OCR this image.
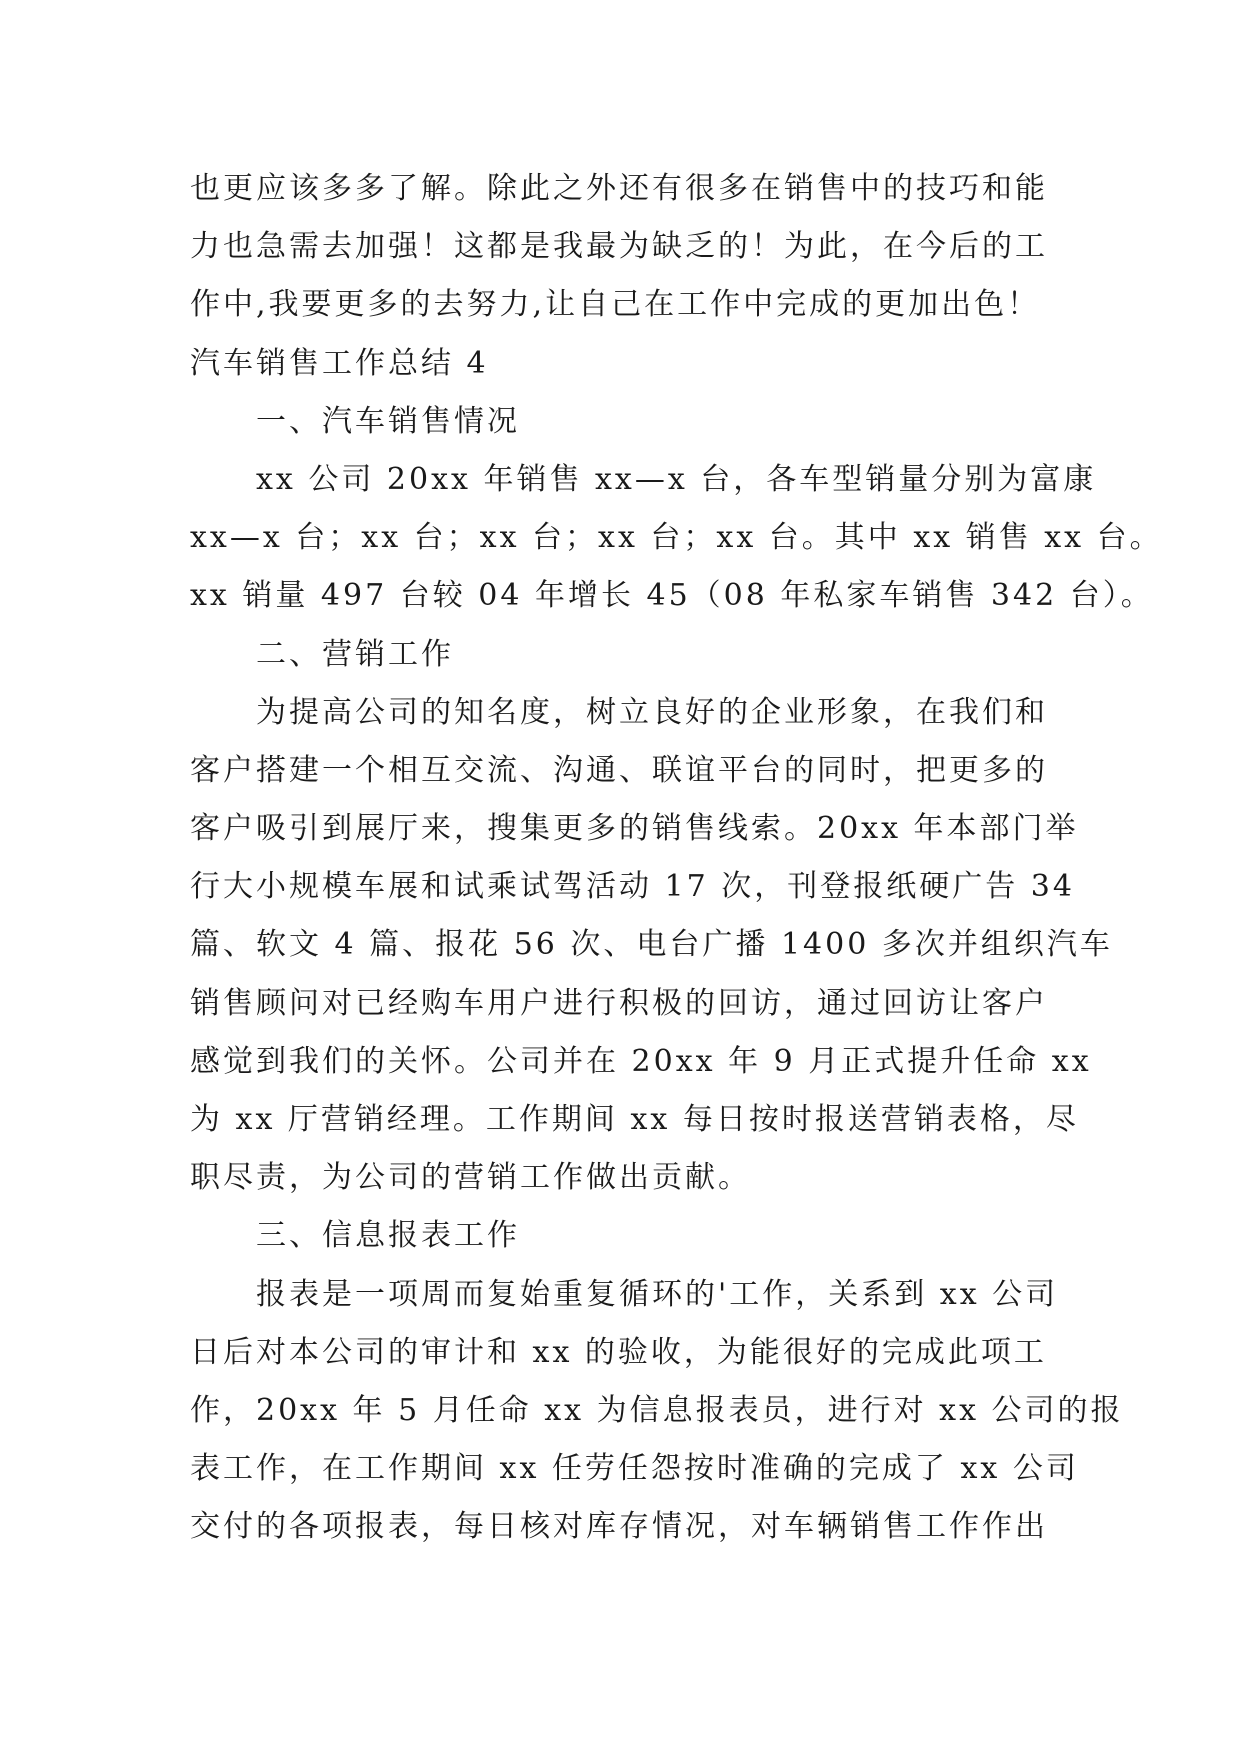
也更应该多多了解。除此之外还有很多在销售中的技巧和能
力也急需去加强！这都是我最为缺乏的！为此，在今后的工
作中,我要更多的去努力,让自己在工作中完成的更加出色！
汽车销售工作总结 4
一、汽车销售情况
xx 公司 20xx 年销售 xx—x 台，各车型销量分别为富康
xx—x 台；xx 台；xx 台；xx 台；xx 台。其中 xx 销售 xx 台。
xx 销量 497 台较 04 年增长 45（08 年私家车销售 342 台）。
二、营销工作
为提高公司的知名度，树立良好的企业形象，在我们和
客户搭建一个相互交流、沟通、联谊平台的同时，把更多的
客户吸引到展厅来，搜集更多的销售线索。20xx 年本部门举
行大小规模车展和试乘试驾活动 17 次，刊登报纸硬广告 34
篇、软文 4 篇、报花 56 次、电台广播 1400 多次并组织汽车
销售顾问对已经购车用户进行积极的回访，通过回访让客户
感觉到我们的关怀。公司并在 20xx 年 9 月正式提升任命 xx
为 xx 厅营销经理。工作期间 xx 每日按时报送营销表格，尽
职尽责，为公司的营销工作做出贡献。
三、信息报表工作
报表是一项周而复始重复循环的'工作，关系到 xx 公司
日后对本公司的审计和 xx 的验收，为能很好的完成此项工
作，20xx 年 5 月任命 xx 为信息报表员，进行对 xx 公司的报
表工作，在工作期间 xx 任劳任怨按时准确的完成了 xx 公司
交付的各项报表，每日核对库存情况，对车辆销售工作作出
